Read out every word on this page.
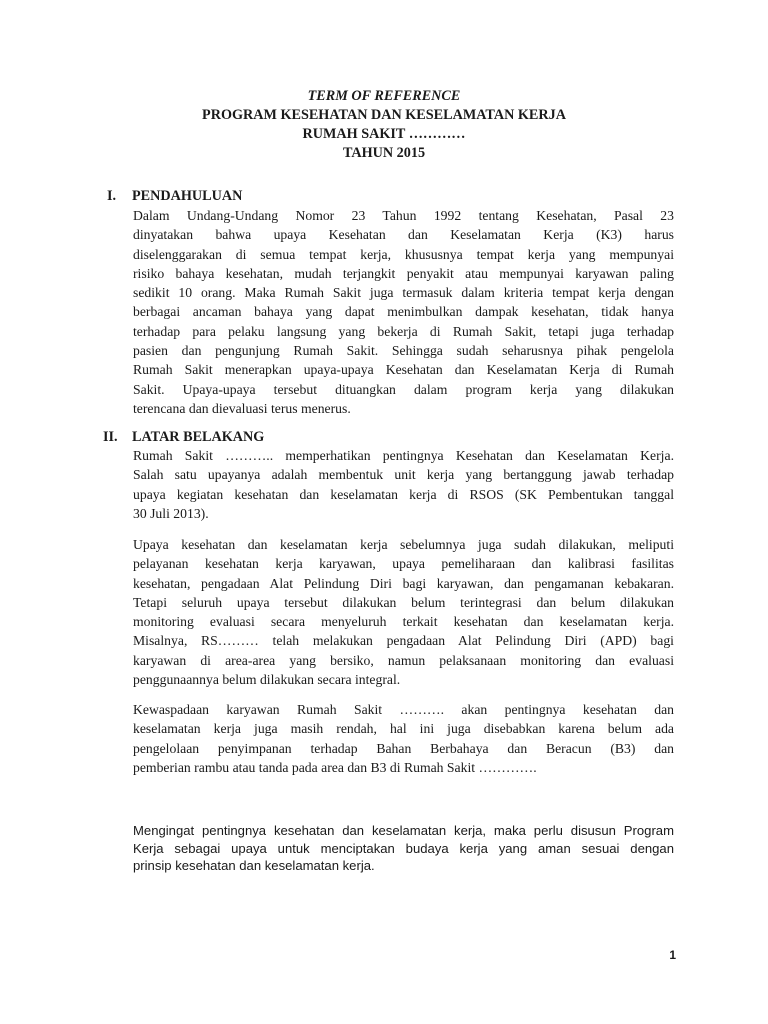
TERM OF REFERENCE
PROGRAM KESEHATAN DAN KESELAMATAN KERJA
RUMAH SAKIT …………
TAHUN 2015
I. PENDAHULUAN
Dalam Undang-Undang Nomor 23 Tahun 1992 tentang Kesehatan, Pasal 23
dinyatakan bahwa upaya Kesehatan dan Keselamatan Kerja (K3) harus
diselenggarakan di semua tempat kerja, khususnya tempat kerja yang mempunyai
risiko bahaya kesehatan, mudah terjangkit penyakit atau mempunyai karyawan paling
sedikit 10 orang. Maka Rumah Sakit juga termasuk dalam kriteria tempat kerja dengan
berbagai ancaman bahaya yang dapat menimbulkan dampak kesehatan, tidak hanya
terhadap para pelaku langsung yang bekerja di Rumah Sakit, tetapi juga terhadap
pasien dan pengunjung Rumah Sakit. Sehingga sudah seharusnya pihak pengelola
Rumah Sakit menerapkan upaya-upaya Kesehatan dan Keselamatan Kerja di Rumah
Sakit. Upaya-upaya tersebut dituangkan dalam program kerja yang dilakukan
terencana dan dievaluasi terus menerus.
II. LATAR BELAKANG
Rumah Sakit ……….. memperhatikan pentingnya Kesehatan dan Keselamatan Kerja.
Salah satu upayanya adalah membentuk unit kerja yang bertanggung jawab terhadap
upaya kegiatan kesehatan dan keselamatan kerja di RSOS (SK Pembentukan tanggal
30 Juli 2013).
Upaya kesehatan dan keselamatan kerja sebelumnya juga sudah dilakukan, meliputi
pelayanan kesehatan kerja karyawan, upaya pemeliharaan dan kalibrasi fasilitas
kesehatan, pengadaan Alat Pelindung Diri bagi karyawan, dan pengamanan kebakaran.
Tetapi seluruh upaya tersebut dilakukan belum terintegrasi dan belum dilakukan
monitoring evaluasi secara menyeluruh terkait kesehatan dan keselamatan kerja.
Misalnya, RS……… telah melakukan pengadaan Alat Pelindung Diri (APD) bagi
karyawan di area-area yang bersiko, namun pelaksanaan monitoring dan evaluasi
penggunaannya belum dilakukan secara integral.
Kewaspadaan karyawan Rumah Sakit ………. akan pentingnya kesehatan dan
keselamatan kerja juga masih rendah, hal ini juga disebabkan karena belum ada
pengelolaan penyimpanan terhadap Bahan Berbahaya dan Beracun (B3) dan
pemberian rambu atau tanda pada area dan B3 di Rumah Sakit ………….
Mengingat pentingnya kesehatan dan keselamatan kerja, maka perlu disusun Program
Kerja sebagai upaya untuk menciptakan budaya kerja yang aman sesuai dengan
prinsip kesehatan dan keselamatan kerja.
1
